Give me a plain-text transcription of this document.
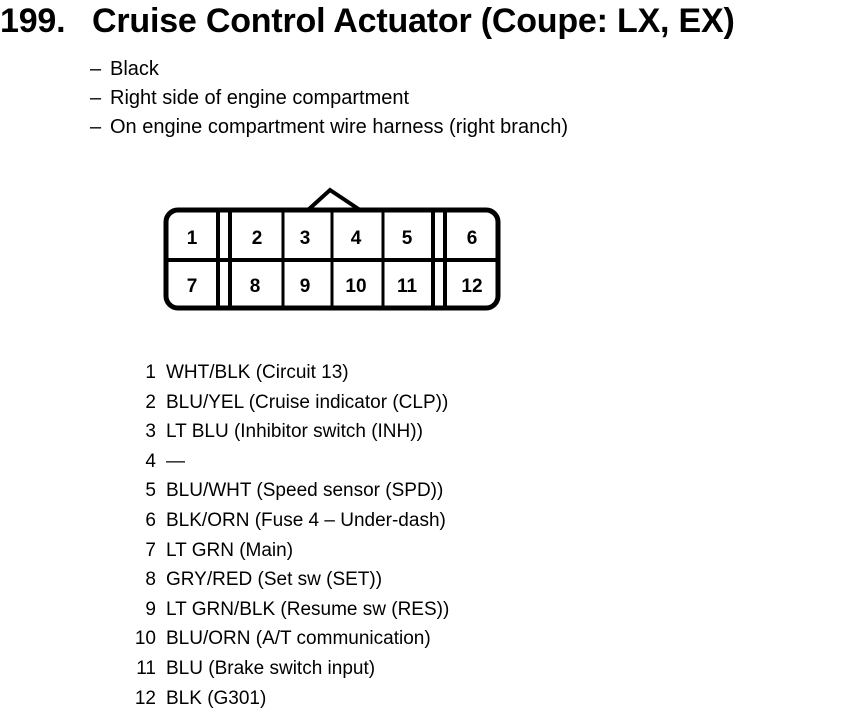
199. Cruise Control Actuator (Coupe: LX, EX)
– Black
– Right side of engine compartment
– On engine compartment wire harness (right branch)
1	2 3 4 5	6
7	8 9 10 11 12
1 WHT/BLK (Circuit 13)
2 BLU/YEL (Cruise indicator (CLP))
3 LT BLU (Inhibitor switch (INH))
4 —
5 BLU/WHT (Speed sensor (SPD))
6 BLK/ORN (Fuse 4 – Under-dash)
7 LT GRN (Main)
8 GRY/RED (Set sw (SET))
9 LT GRN/BLK (Resume sw (RES))
10 BLU/ORN (A/T communication)
11 BLU (Brake switch input)
12 BLK (G301)
